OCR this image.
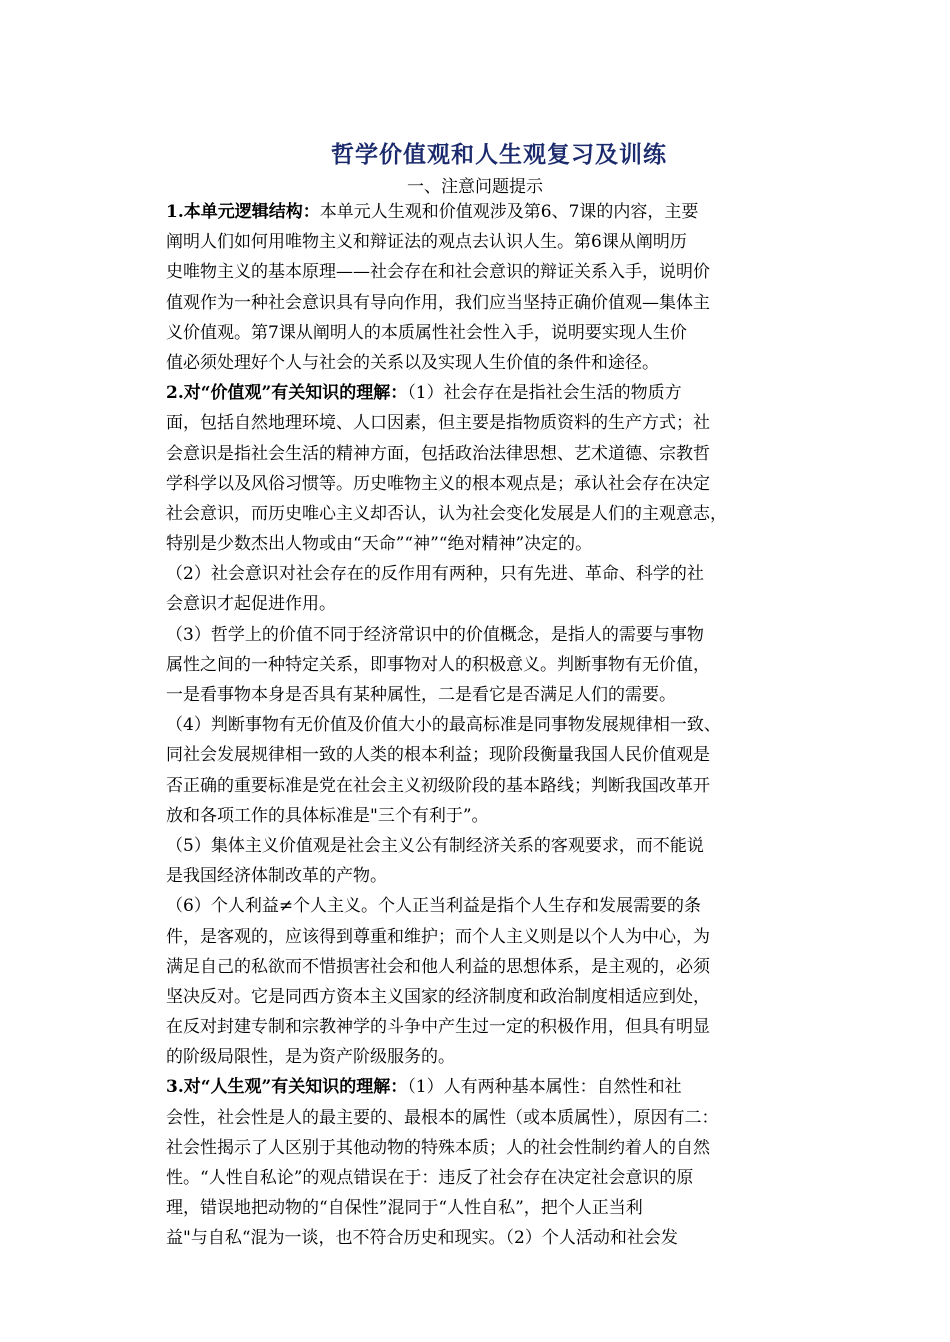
哲学价值观和人生观复习及训练
一、注意问题提示
1.本单元逻辑结构：本单元人生观和价值观涉及第6、7课的内容，主要
阐明人们如何用唯物主义和辩证法的观点去认识人生。第6课从阐明历
史唯物主义的基本原理——社会存在和社会意识的辩证关系入手，说明价
值观作为一种社会意识具有导向作用，我们应当坚持正确价值观—集体主
义价值观。第7课从阐明人的本质属性社会性入手，说明要实现人生价
值必须处理好个人与社会的关系以及实现人生价值的条件和途径。
2.对“价值观”有关知识的理解：（1）社会存在是指社会生活的物质方
面，包括自然地理环境、人口因素，但主要是指物质资料的生产方式；社
会意识是指社会生活的精神方面，包括政治法律思想、艺术道德、宗教哲
学科学以及风俗习惯等。历史唯物主义的根本观点是；承认社会存在决定
社会意识，而历史唯心主义却否认，认为社会变化发展是人们的主观意志，
特别是少数杰出人物或由“天命”“神”“绝对精神”决定的。
（2）社会意识对社会存在的反作用有两种，只有先进、革命、科学的社
会意识才起促进作用。
（3）哲学上的价值不同于经济常识中的价值概念，是指人的需要与事物
属性之间的一种特定关系，即事物对人的积极意义。判断事物有无价值，
一是看事物本身是否具有某种属性，二是看它是否满足人们的需要。
（4）判断事物有无价值及价值大小的最高标准是同事物发展规律相一致、
同社会发展规律相一致的人类的根本利益；现阶段衡量我国人民价值观是
否正确的重要标准是党在社会主义初级阶段的基本路线；判断我国改革开
放和各项工作的具体标准是"三个有利于”。
（5）集体主义价值观是社会主义公有制经济关系的客观要求，而不能说
是我国经济体制改革的产物。
（6）个人利益≠个人主义。个人正当利益是指个人生存和发展需要的条
件，是客观的，应该得到尊重和维护；而个人主义则是以个人为中心，为
满足自己的私欲而不惜损害社会和他人利益的思想体系，是主观的，必须
坚决反对。它是同西方资本主义国家的经济制度和政治制度相适应到处，
在反对封建专制和宗教神学的斗争中产生过一定的积极作用，但具有明显
的阶级局限性，是为资产阶级服务的。
3.对“人生观”有关知识的理解：（1）人有两种基本属性：自然性和社
会性，社会性是人的最主要的、最根本的属性（或本质属性），原因有二：
社会性揭示了人区别于其他动物的特殊本质；人的社会性制约着人的自然
性。“人性自私论”的观点错误在于：违反了社会存在决定社会意识的原
理，错误地把动物的“自保性”混同于“人性自私”，把个人正当利
益"与自私“混为一谈，也不符合历史和现实。（2）个人活动和社会发
